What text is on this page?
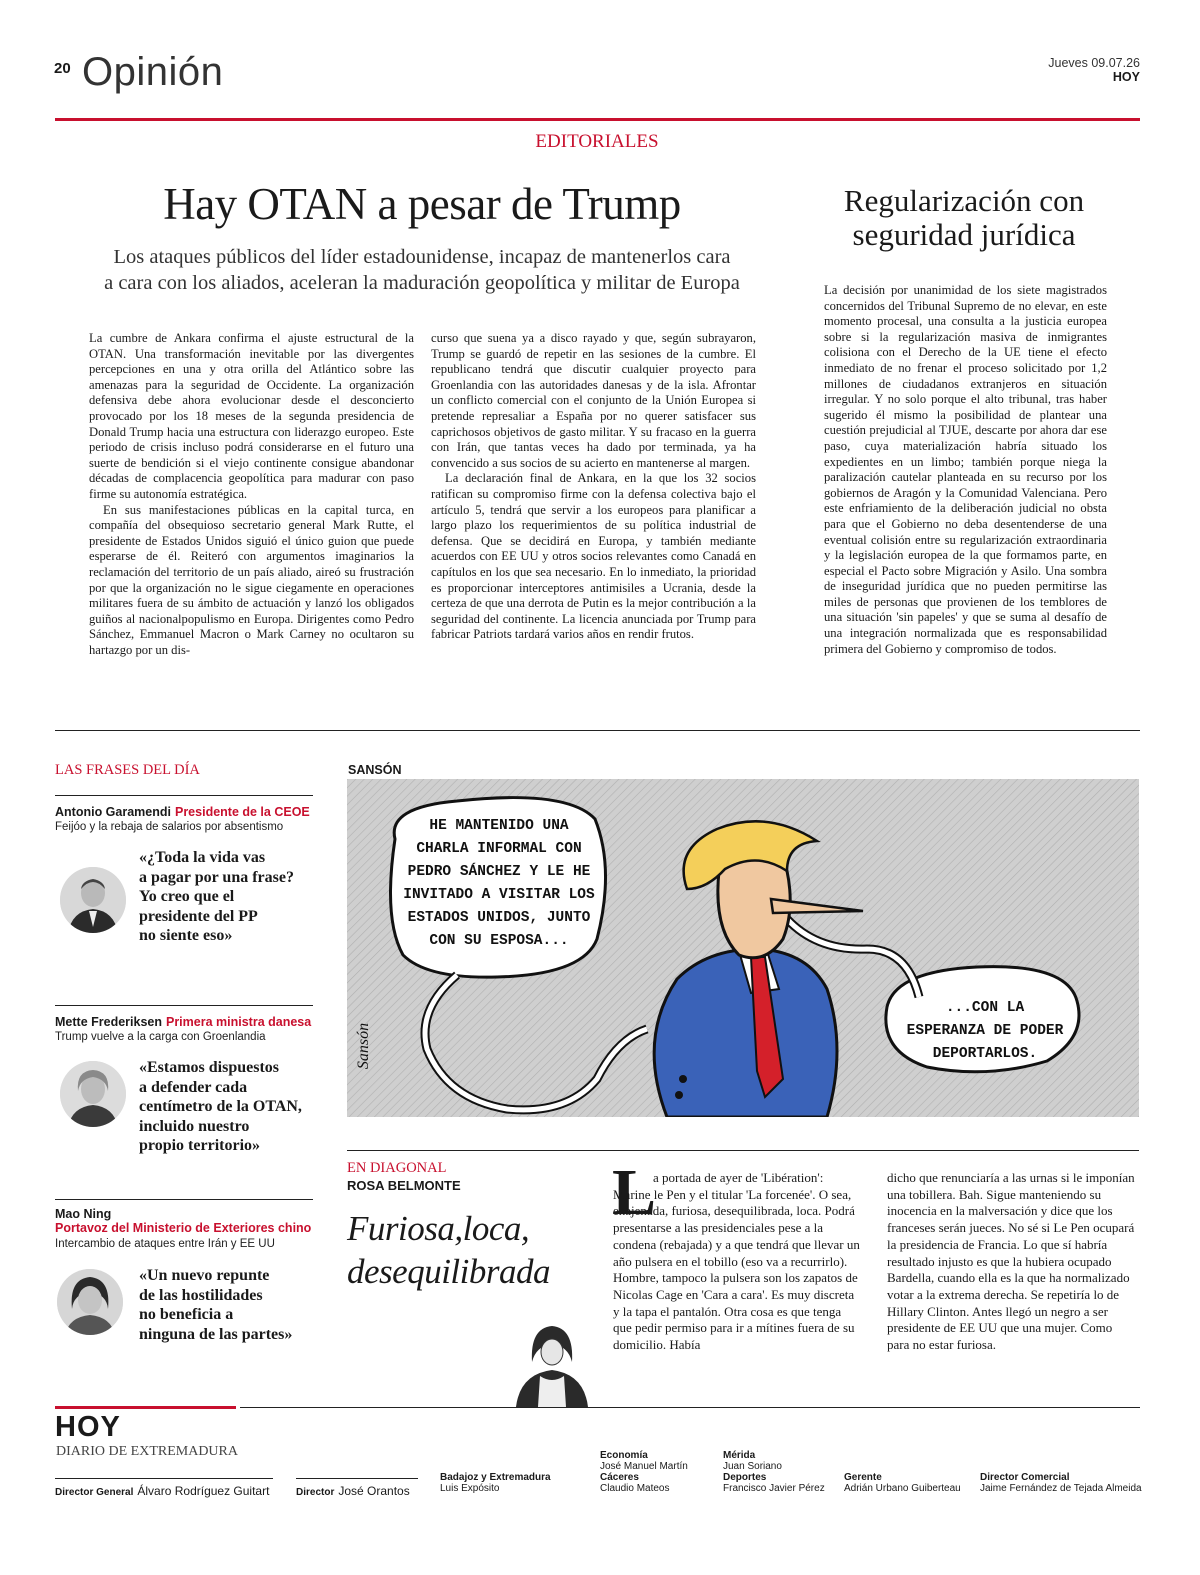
20 Opinión	Jueves 09.07.26
HOY
EDITORIALES
Hay OTAN a pesar de Trump
Los ataques públicos del líder estadounidense, incapaz de mantenerlos cara
a cara con los aliados, aceleran la maduración geopolítica y militar de Europa

La cumbre de Ankara confirma el ajuste estructural de la OTAN. Una transformación inevitable por las divergentes percepciones en una y otra orilla del Atlántico sobre las amenazas para la seguridad de Occidente. La organización defensiva debe ahora evolucionar desde el desconcierto provocado por los 18 meses de la segunda presidencia de Donald Trump hacia una estructura con liderazgo europeo. Este periodo de crisis incluso podrá considerarse en el futuro una suerte de bendición si el viejo continente consigue abandonar décadas de complacencia geopolítica para madurar con paso firme su autonomía estratégica.

En sus manifestaciones públicas en la capital turca, en compañía del obsequioso secretario general Mark Rutte, el presidente de Estados Unidos siguió el único guion que puede esperarse de él. Reiteró con argumentos imaginarios la reclamación del territorio de un país aliado, aireó su frustración por que la organización no le sigue ciegamente en operaciones militares fuera de su ámbito de actuación y lanzó los obligados guiños al nacionalpopulismo en Europa. Dirigentes como Pedro Sánchez, Emmanuel Macron o Mark Carney no ocultaron su hartazgo por un dis-

curso que suena ya a disco rayado y que, según subrayaron, Trump se guardó de repetir en las sesiones de la cumbre. El republicano tendrá que discutir cualquier proyecto para Groenlandia con las autoridades danesas y de la isla. Afrontar un conflicto comercial con el conjunto de la Unión Europea si pretende represaliar a España por no querer satisfacer sus caprichosos objetivos de gasto militar. Y su fracaso en la guerra con Irán, que tantas veces ha dado por terminada, ya ha convencido a sus socios de su acierto en mantenerse al margen.

La declaración final de Ankara, en la que los 32 socios ratifican su compromiso firme con la defensa colectiva bajo el artículo 5, tendrá que servir a los europeos para planificar a largo plazo los requerimientos de su política industrial de defensa. Que se decidirá en Europa, y también mediante acuerdos con EE UU y otros socios relevantes como Canadá en capítulos en los que sea necesario. En lo inmediato, la prioridad es proporcionar interceptores antimisiles a Ucrania, desde la certeza de que una derrota de Putin es la mejor contribución a la seguridad del continente. La licencia anunciada por Trump para fabricar Patriots tardará varios años en rendir frutos.

Regularización con
seguridad jurídica

La decisión por unanimidad de los siete magistrados concernidos del Tribunal Supremo de no elevar, en este momento procesal, una consulta a la justicia europea sobre si la regularización masiva de inmigrantes colisiona con el Derecho de la UE tiene el efecto inmediato de no frenar el proceso solicitado por 1,2 millones de ciudadanos extranjeros en situación irregular. Y no solo porque el alto tribunal, tras haber sugerido él mismo la posibilidad de plantear una cuestión prejudicial al TJUE, descarte por ahora dar ese paso, cuya materialización habría situado los expedientes en un limbo; también porque niega la paralización cautelar planteada en su recurso por los gobiernos de Aragón y la Comunidad Valenciana. Pero este enfriamiento de la deliberación judicial no obsta para que el Gobierno no deba desentenderse de una eventual colisión entre su regularización extraordinaria y la legislación europea de la que formamos parte, en especial el Pacto sobre Migración y Asilo. Una sombra de inseguridad jurídica que no pueden permitirse las miles de personas que provienen de los temblores de una situación 'sin papeles' y que se suma al desafío de una integración normalizada que es responsabilidad primera del Gobierno y compromiso de todos.

LAS FRASES DEL DÍA
Antonio Garamendi Presidente de la CEOE
Feijóo y la rebaja de salarios por absentismo
«¿Toda la vida vas
a pagar por una frase?
Yo creo que el
presidente del PP
no siente eso»
Mette Frederiksen Primera ministra danesa
Trump vuelve a la carga con Groenlandia
«Estamos dispuestos
a defender cada
centímetro de la OTAN,
incluido nuestro
propio territorio»
Mao Ning
Portavoz del Ministerio de Exteriores chino
Intercambio de ataques entre Irán y EE UU
«Un nuevo repunte
de las hostilidades
no beneficia a
ninguna de las partes»
SANSÓN
HE MANTENIDO UNA
CHARLA INFORMAL CON
PEDRO SÁNCHEZ Y LE HE
INVITADO A VISITAR LOS
ESTADOS UNIDOS, JUNTO
CON SU ESPOSA...
...CON LA
ESPERANZA DE PODER
DEPORTARLOS.
Sansón
EN DIAGONAL
ROSA BELMONTE
Furiosa,loca,
desequilibrada
L

a portada de ayer de 'Libération': Marine le Pen y el titular 'La forcenée'. O sea, enajenada, furiosa, desequilibrada, loca. Podrá presentarse a las presidenciales pese a la condena (rebajada) y a que tendrá que llevar un año pulsera en el tobillo (eso va a recurrirlo). Hombre, tampoco la pulsera son los zapatos de Nicolas Cage en 'Cara a cara'. Es muy discreta y la tapa el pantalón. Otra cosa es que tenga que pedir permiso para ir a mítines fuera de su domicilio. Había

dicho que renunciaría a las urnas si le imponían una tobillera. Bah. Sigue manteniendo su inocencia en la malversación y dice que los franceses serán jueces. No sé si Le Pen ocupará la presidencia de Francia. Lo que sí habría resultado injusto es que la hubiera ocupado Bardella, cuando ella es la que ha normalizado votar a la extrema derecha. Se repetiría lo de Hillary Clinton. Antes llegó un negro a ser presidente de EE UU que una mujer. Como para no estar furiosa.

HOY
DIARIO DE EXTREMADURA
Director General Álvaro Rodríguez Guitart	Director José Orantos
Badajoz y Extremadura
Luis Expósito
Economía
José Manuel Martín
Cáceres
Claudio Mateos
Mérida
Juan Soriano
Deportes
Francisco Javier Pérez
Gerente
Adrián Urbano Guiberteau
Director Comercial
Jaime Fernández de Tejada Almeida
